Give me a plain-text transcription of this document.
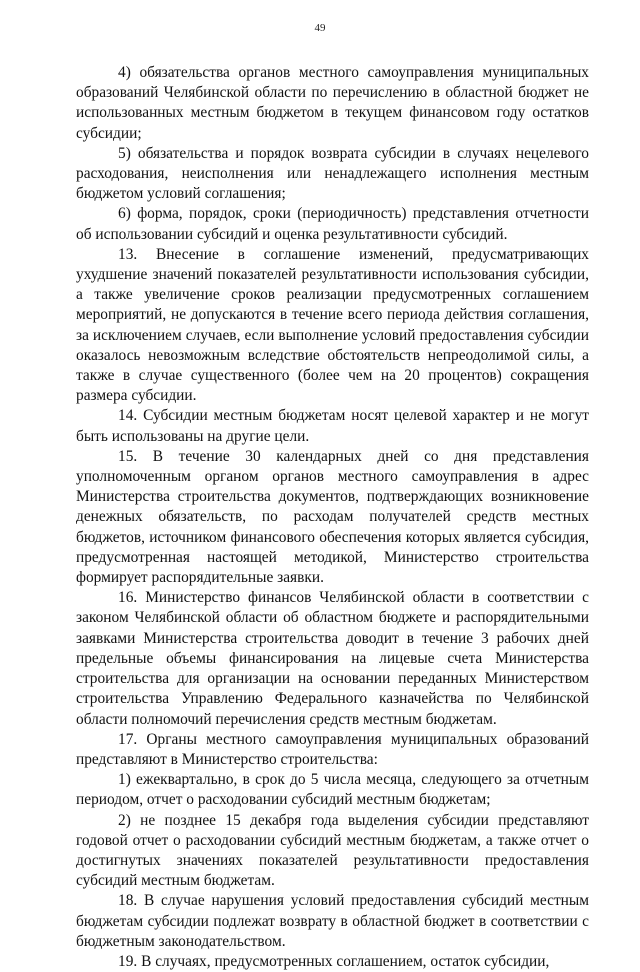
49

4) обязательства органов местного самоуправления муниципальных образований Челябинской области по перечислению в областной бюджет не использованных местным бюджетом в текущем финансовом году остатков субсидии;

5) обязательства и порядок возврата субсидии в случаях нецелевого расходования, неисполнения или ненадлежащего исполнения местным бюджетом условий соглашения;

6) форма, порядок, сроки (периодичность) представления отчетности об использовании субсидий и оценка результативности субсидий.

13. Внесение в соглашение изменений, предусматривающих ухудшение значений показателей результативности использования субсидии, а также увеличение сроков реализации предусмотренных соглашением мероприятий, не допускаются в течение всего периода действия соглашения, за исключением случаев, если выполнение условий предоставления субсидии оказалось невозможным вследствие обстоятельств непреодолимой силы, а также в случае существенного (более чем на 20 процентов) сокращения размера субсидии.

14. Субсидии местным бюджетам носят целевой характер и не могут быть использованы на другие цели.

15. В течение 30 календарных дней со дня представления уполномоченным органом органов местного самоуправления в адрес Министерства строительства документов, подтверждающих возникновение денежных обязательств, по расходам получателей средств местных бюджетов, источником финансового обеспечения которых является субсидия, предусмотренная настоящей методикой, Министерство строительства формирует распорядительные заявки.

16. Министерство финансов Челябинской области в соответствии с законом Челябинской области об областном бюджете и распорядительными заявками Министерства строительства доводит в течение 3 рабочих дней предельные объемы финансирования на лицевые счета Министерства строительства для организации на основании переданных Министерством строительства Управлению Федерального казначейства по Челябинской области полномочий перечисления средств местным бюджетам.

17. Органы местного самоуправления муниципальных образований представляют в Министерство строительства:

1) ежеквартально, в срок до 5 числа месяца, следующего за отчетным периодом, отчет о расходовании субсидий местным бюджетам;

2) не позднее 15 декабря года выделения субсидии представляют годовой отчет о расходовании субсидий местным бюджетам, а также отчет о достигнутых значениях показателей результативности предоставления субсидий местным бюджетам.

18. В случае нарушения условий предоставления субсидий местным бюджетам субсидии подлежат возврату в областной бюджет в соответствии с бюджетным законодательством.

19. В случаях, предусмотренных соглашением, остаток субсидии,
